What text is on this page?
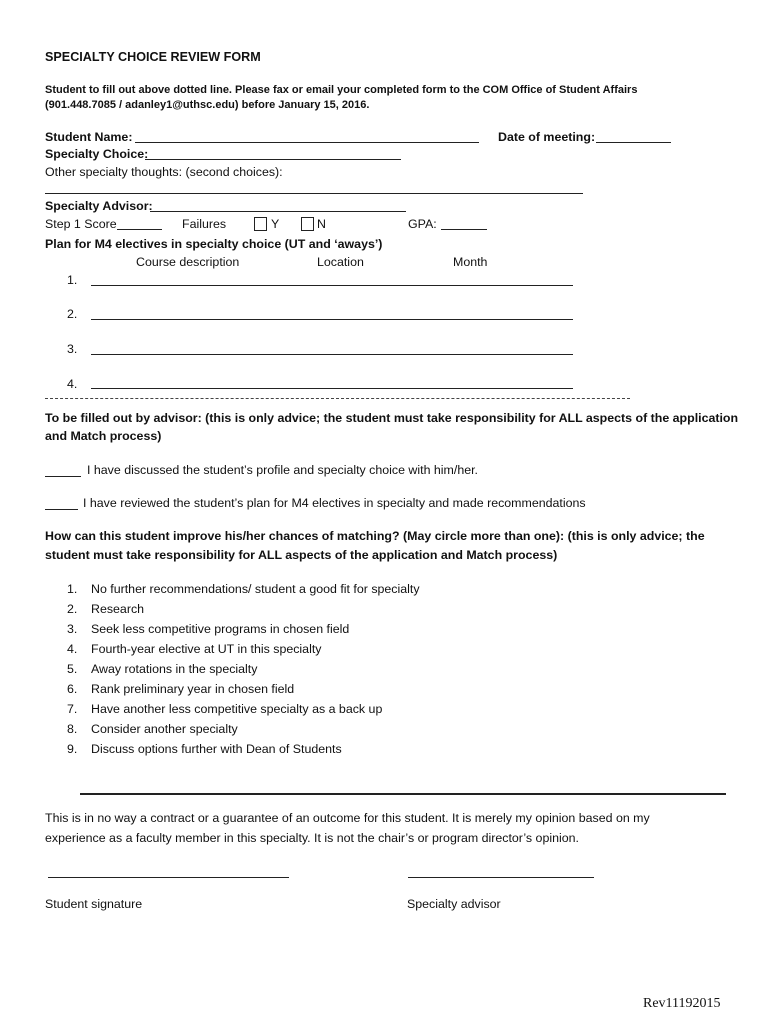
SPECIALTY CHOICE REVIEW FORM
Student to fill out above dotted line. Please fax or email your completed form to the COM Office of Student Affairs
(901.448.7085 / adanley1@uthsc.edu) before January 15, 2016.
Student Name:	Date of meeting:
Specialty Choice:
Other specialty thoughts: (second choices):
Specialty Advisor:
Step 1 Score	Failures	Y	N	GPA:
Plan for M4 electives in specialty choice (UT and ‘aways’)
Course description	Location	Month
1.
2.
3.
4.
To be filled out by advisor: (this is only advice; the student must take responsibility for ALL aspects of the application
and Match process)
I have discussed the student’s profile and specialty choice with him/her.
I have reviewed the student’s plan for M4 electives in specialty and made recommendations
How can this student improve his/her chances of matching? (May circle more than one): (this is only advice; the
student must take responsibility for ALL aspects of the application and Match process)
1. No further recommendations/ student a good fit for specialty
2. Research
3. Seek less competitive programs in chosen field
4. Fourth-year elective at UT in this specialty
5. Away rotations in the specialty
6. Rank preliminary year in chosen field
7. Have another less competitive specialty as a back up
8. Consider another specialty
9. Discuss options further with Dean of Students
This is in no way a contract or a guarantee of an outcome for this student. It is merely my opinion based on my
experience as a faculty member in this specialty. It is not the chair’s or program director’s opinion.
Student signature	Specialty advisor
Rev11192015
